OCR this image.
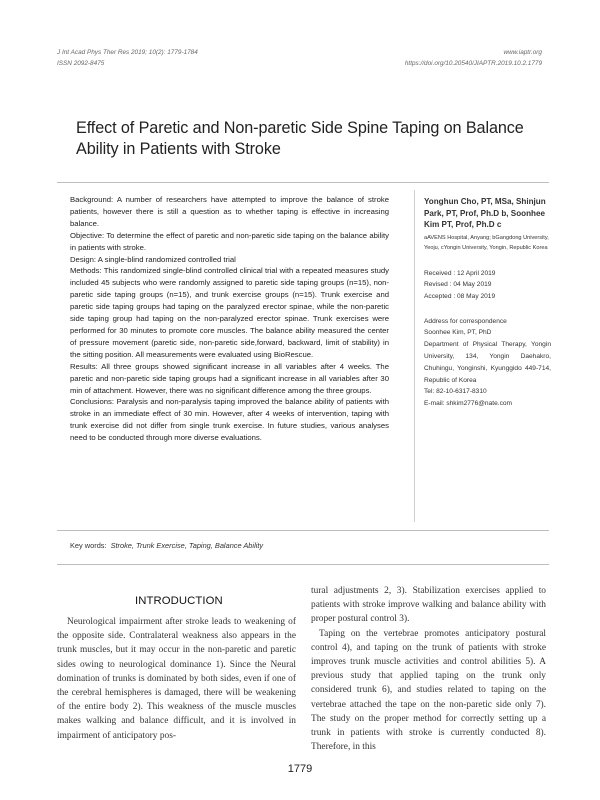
J Int Acad Phys Ther Res 2019; 10(2): 1779-1784
ISSN 2092-8475
www.iaptr.org
https://doi.org/10.20540/JIAPTR.2019.10.2.1779
Effect of Paretic and Non-paretic Side Spine Taping on Balance Ability in Patients with Stroke

Background: A number of researchers have attempted to improve the balance of stroke patients, however there is still a question as to whether taping is effective in increasing balance.

Objective: To determine the effect of paretic and non-paretic side taping on the balance ability in patients with stroke.

Design: A single-blind randomized controlled trial

Methods: This randomized single-blind controlled clinical trial with a repeated measures study included 45 subjects who were randomly assigned to paretic side taping groups (n=15), non-paretic side taping groups (n=15), and trunk exercise groups (n=15). Trunk exercise and paretic side taping groups had taping on the paralyzed erector spinae, while the non-paretic side taping group had taping on the non-paralyzed erector spinae. Trunk exercises were performed for 30 minutes to promote core muscles. The balance ability measured the center of pressure movement (paretic side, non-paretic side,forward, backward, limit of stability) in the sitting position. All measurements were evaluated using BioRescue.

Results: All three groups showed significant increase in all variables after 4 weeks. The paretic and non-paretic side taping groups had a significant increase in all variables after 30 min of attachment. However, there was no significant difference among the three groups.

Conclusions: Paralysis and non-paralysis taping improved the balance ability of patients with stroke in an immediate effect of 30 min. However, after 4 weeks of intervention, taping with trunk exercise did not differ from single trunk exercise. In future studies, various analyses need to be conducted through more diverse evaluations.

Yonghun Cho, PT, MSa, Shinjun Park, PT, Prof, Ph.D b, Soonhee Kim PT, Prof, Ph.D c
aAVENS Hospital, Anyang; bGangdong University, Yeoju, cYongin University, Yongin, Republic Korea
Received : 12 April 2019
Revised : 04 May 2019
Accepted : 08 May 2019
Address for correspondence
Soonhee Kim, PT, PhD
Department of Physical Therapy, Yongin University, 134, Yongin Daehakro, Chuhingu, Yonginshi, Kyunggido 449-714, Republic of Korea
Tel: 82-10-6317-8310
E-mail: shkim2776@nate.com
Key words: Stroke, Trunk Exercise, Taping, Balance Ability
INTRODUCTION
Neurological impairment after stroke leads to weakening of the opposite side. Contralateral weakness also appears in the trunk muscles, but it may occur in the non-paretic and paretic sides owing to neurological dominance 1). Since the Neural domination of trunks is dominated by both sides, even if one of the cerebral hemispheres is damaged, there will be weakening of the entire body 2). This weakness of the muscle muscles makes walking and balance difficult, and it is involved in impairment of anticipatory pos-
tural adjustments 2, 3). Stabilization exercises applied to patients with stroke improve walking and balance ability with proper postural control 3).
Taping on the vertebrae promotes anticipatory postural control 4), and taping on the trunk of patients with stroke improves trunk muscle activities and control abilities 5). A previous study that applied taping on the trunk only considered trunk 6), and studies related to taping on the vertebrae attached the tape on the non-paretic side only 7). The study on the proper method for correctly setting up a trunk in patients with stroke is currently conducted 8). Therefore, in this
1779
